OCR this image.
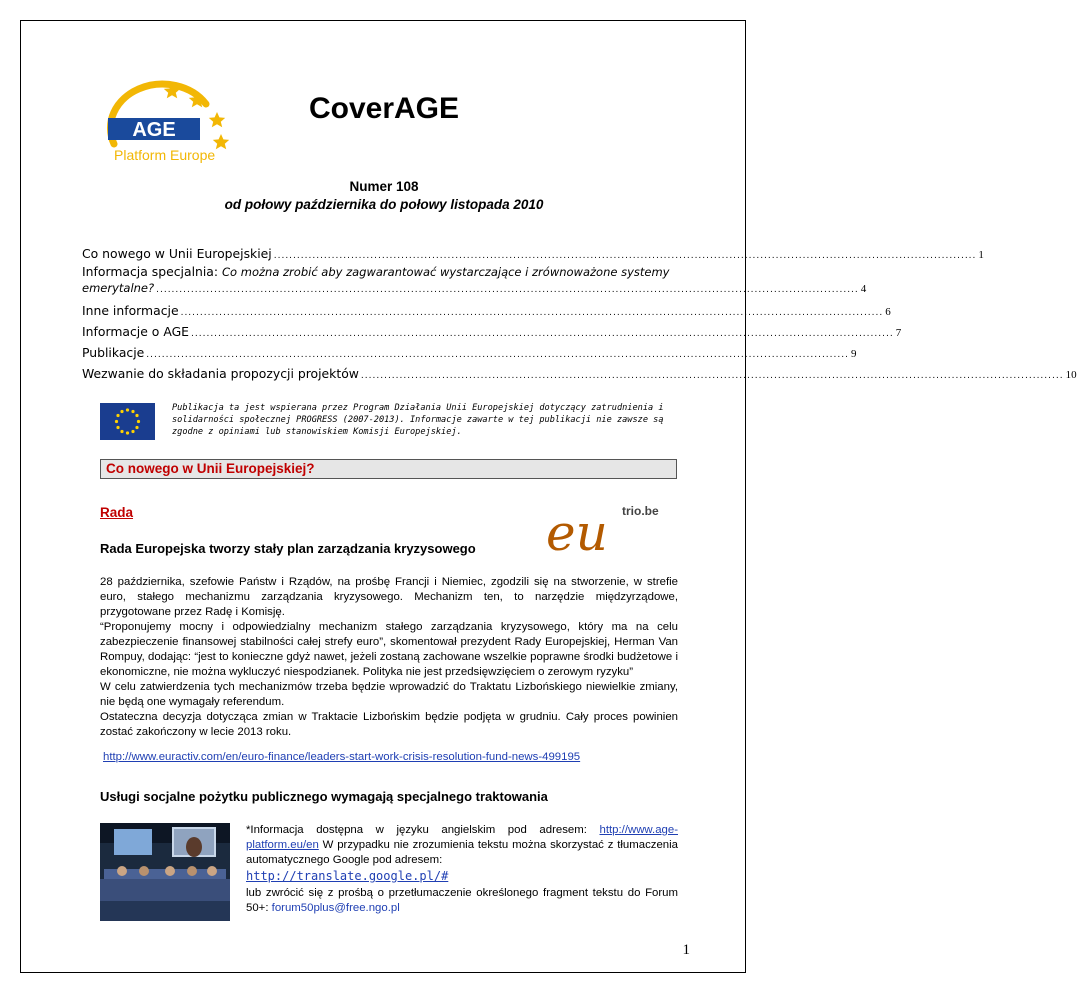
AGE
Platform Europe
CoverAGE
Numer 108
od połowy października do połowy listopada 2010
Co nowego w Unii Europejskiej ...................................................................................................................................................................................... 1
Informacja specjalnia: Co można zrobić aby zagwarantować wystarczające i zrównoważone systemy
emerytalne? ...................................................................................................................................................................................... 4
Inne informacje ...................................................................................................................................................................................... 6
Informacje o AGE ...................................................................................................................................................................................... 7
Publikacje ...................................................................................................................................................................................... 9
Wezwanie do składania propozycji projektów ...................................................................................................................................................................................... 10
Publikacja ta jest wspierana przez Program Działania Unii Europejskiej dotyczący zatrudnienia i solidarności społecznej PROGRESS (2007-2013). Informacje zawarte w tej publikacji nie zawsze są zgodne z opiniami lub stanowiskiem Komisji Europejskiej.
Co nowego w Unii Europejskiej?
Rada	eu trio.be
Rada Europejska tworzy stały plan zarządzania kryzysowego

28 października, szefowie Państw i Rządów, na prośbę Francji i Niemiec, zgodzili się na stworzenie, w strefie euro, stałego mechanizmu zarządzania kryzysowego. Mechanizm ten, to narzędzie międzyrządowe, przygotowane przez Radę i Komisję.

“Proponujemy mocny i odpowiedzialny mechanizm stałego zarządzania kryzysowego, który ma na celu zabezpieczenie finansowej stabilności całej strefy euro”, skomentował prezydent Rady Europejskiej, Herman Van Rompuy, dodając: “jest to konieczne gdyż nawet, jeżeli zostaną zachowane wszelkie poprawne środki budżetowe i ekonomiczne, nie można wykluczyć niespodzianek. Polityka nie jest przedsięwzięciem o zerowym ryzyku”

W celu zatwierdzenia tych mechanizmów trzeba będzie wprowadzić do Traktatu Lizbońskiego niewielkie zmiany, nie będą one wymagały referendum.

Ostateczna decyzja dotycząca zmian w Traktacie Lizbońskim będzie podjęta w grudniu. Cały proces powinien zostać zakończony w lecie 2013 roku.

http://www.euractiv.com/en/euro-finance/leaders-start-work-crisis-resolution-fund-news-499195
Usługi socjalne pożytku publicznego wymagają specjalnego traktowania
*Informacja dostępna w języku angielskim pod adresem: http://www.age-platform.eu/en W przypadku nie zrozumienia tekstu można skorzystać z tłumaczenia automatycznego Google pod adresem:
http://translate.google.pl/#
lub zwrócić się z prośbą o przetłumaczenie określonego fragment tekstu do Forum 50+: forum50plus@free.ngo.pl
1
